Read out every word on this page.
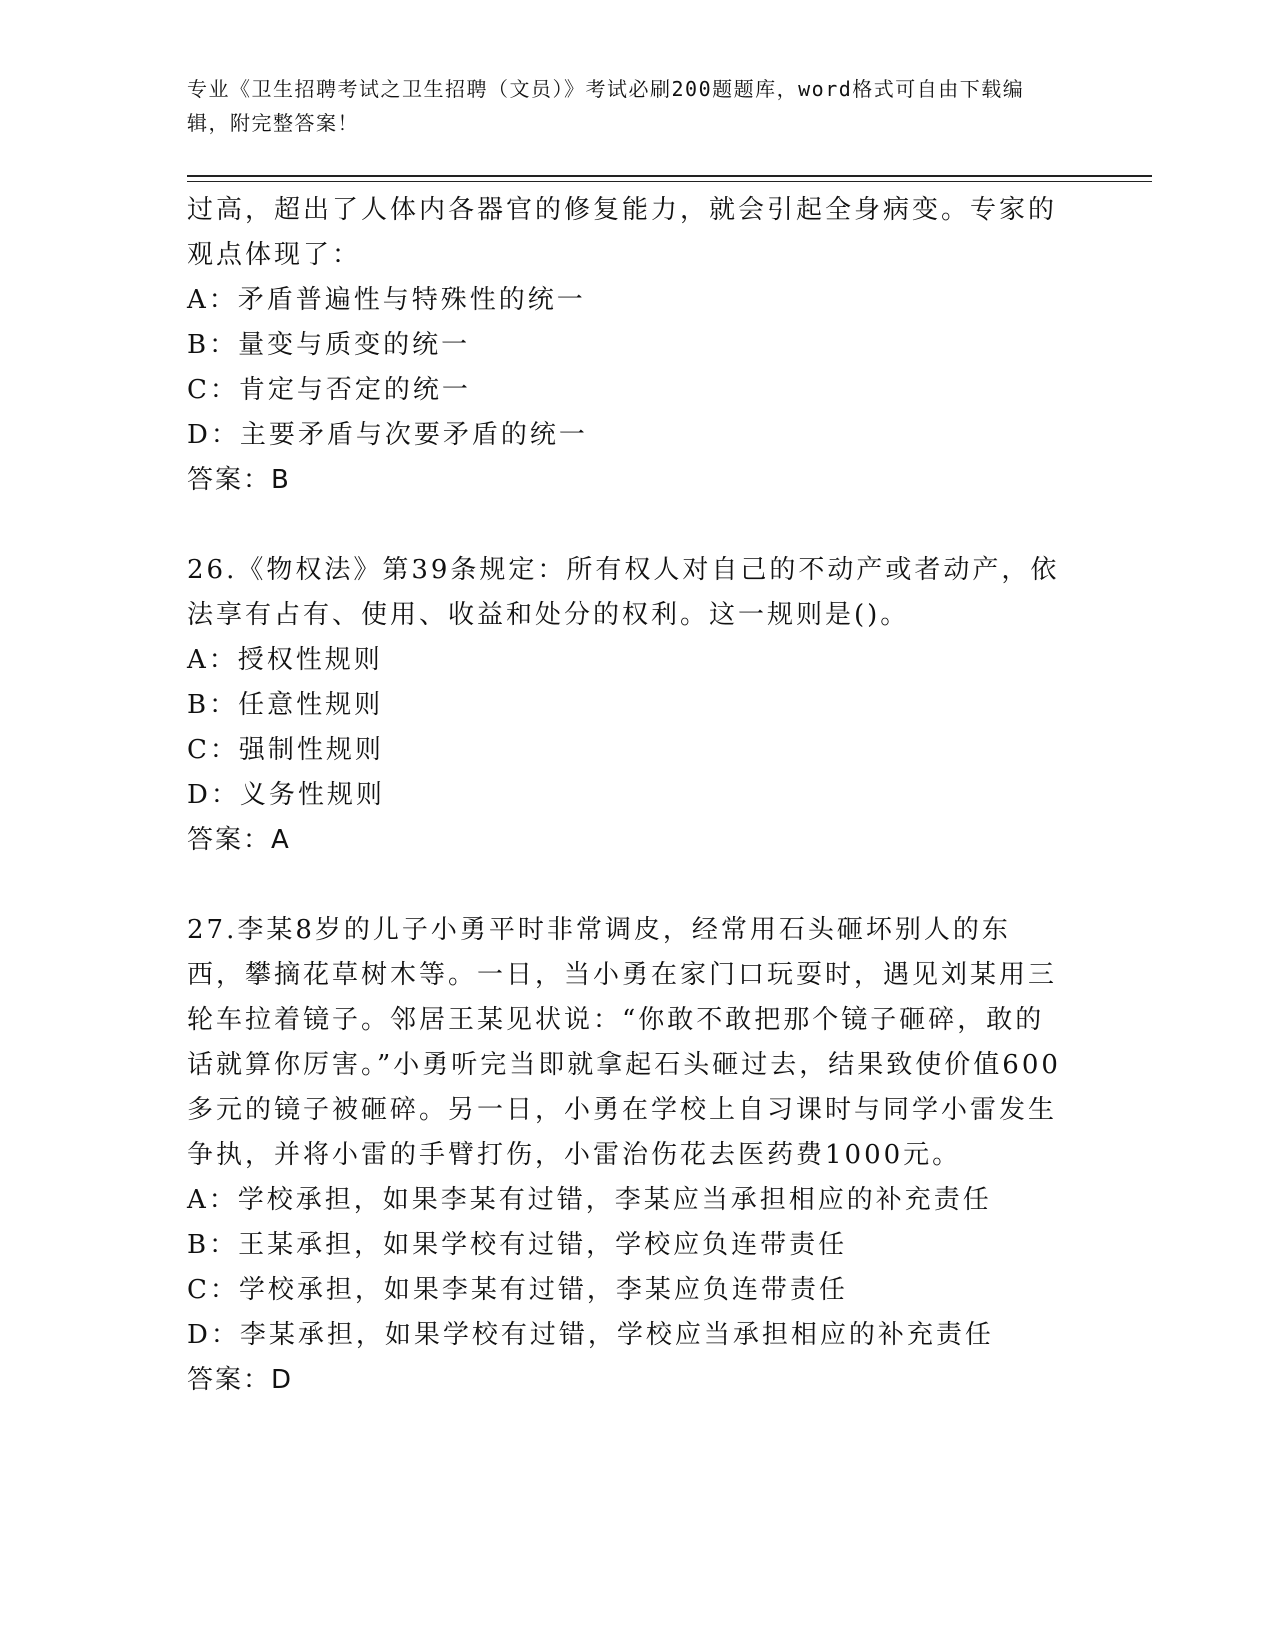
专业《卫生招聘考试之卫生招聘（文员）》考试必刷200题题库，word格式可自由下载编辑，附完整答案！

过高，超出了人体内各器官的修复能力，就会引起全身病变。专家的观点体现了：

A：矛盾普遍性与特殊性的统一

B：量变与质变的统一

C：肯定与否定的统一

D：主要矛盾与次要矛盾的统一

答案：B

26.《物权法》第39条规定：所有权人对自己的不动产或者动产，依法享有占有、使用、收益和处分的权利。这一规则是()。

A：授权性规则

B：任意性规则

C：强制性规则

D：义务性规则

答案：A

27.李某8岁的儿子小勇平时非常调皮，经常用石头砸坏别人的东西，攀摘花草树木等。一日，当小勇在家门口玩耍时，遇见刘某用三轮车拉着镜子。邻居王某见状说：“你敢不敢把那个镜子砸碎，敢的话就算你厉害。”小勇听完当即就拿起石头砸过去，结果致使价值600多元的镜子被砸碎。另一日，小勇在学校上自习课时与同学小雷发生争执，并将小雷的手臂打伤，小雷治伤花去医药费1000元。

A：学校承担，如果李某有过错，李某应当承担相应的补充责任

B：王某承担，如果学校有过错，学校应负连带责任

C：学校承担，如果李某有过错，李某应负连带责任

D：李某承担，如果学校有过错，学校应当承担相应的补充责任

答案：D
